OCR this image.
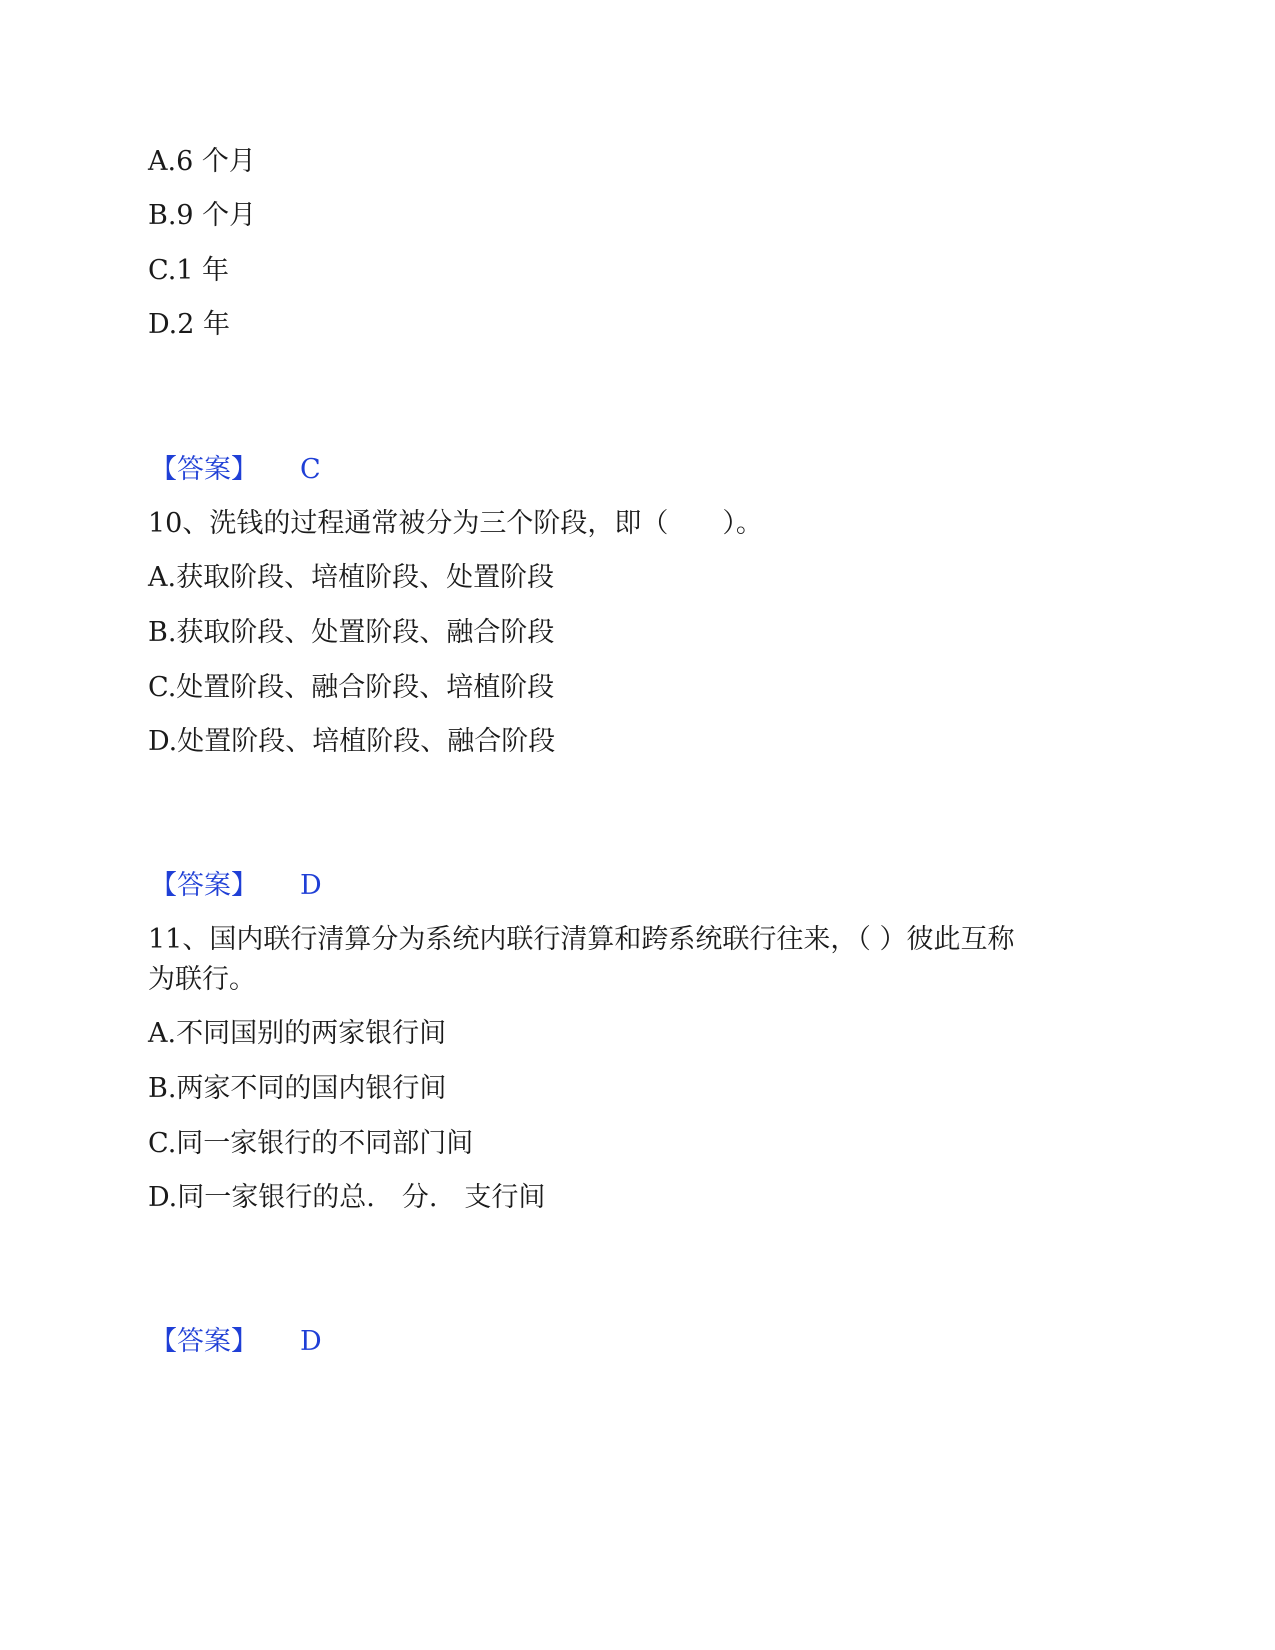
A.6 个月
B.9 个月
C.1 年
D.2 年
【答案】 C
10、洗钱的过程通常被分为三个阶段，即（　　）。
A.获取阶段、培植阶段、处置阶段
B.获取阶段、处置阶段、融合阶段
C.处置阶段、融合阶段、培植阶段
D.处置阶段、培植阶段、融合阶段
【答案】 D
11、国内联行清算分为系统内联行清算和跨系统联行往来，（ ）彼此互称
为联行。
A.不同国别的两家银行间
B.两家不同的国内银行间
C.同一家银行的不同部门间
D.同一家银行的总.　分.　支行间
【答案】 D
